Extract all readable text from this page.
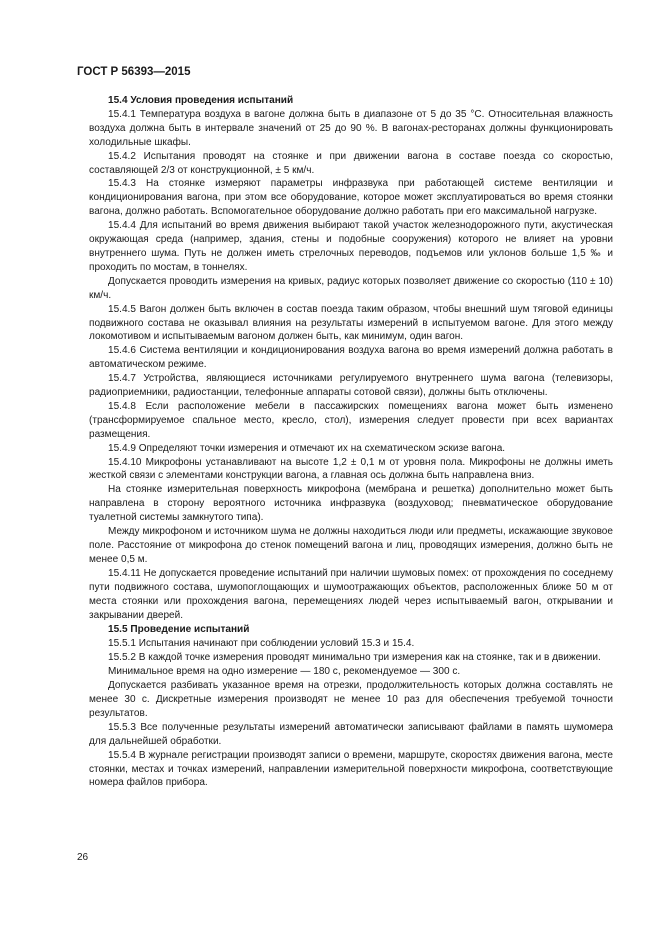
ГОСТ Р 56393—2015

15.4 Условия проведения испытаний

15.4.1 Температура воздуха в вагоне должна быть в диапазоне от 5 до 35 °С. Относительная влажность воздуха должна быть в интервале значений от 25 до 90 %. В вагонах-ресторанах должны функционировать холодильные шкафы.

15.4.2 Испытания проводят на стоянке и при движении вагона в составе поезда со скоростью, составляющей 2/3 от конструкционной, ± 5 км/ч.

15.4.3 На стоянке измеряют параметры инфразвука при работающей системе вентиляции и кондиционирования вагона, при этом все оборудование, которое может эксплуатироваться во время стоянки вагона, должно работать. Вспомогательное оборудование должно работать при его максимальной нагрузке.

15.4.4 Для испытаний во время движения выбирают такой участок железнодорожного пути, акустическая окружающая среда (например, здания, стены и подобные сооружения) которого не влияет на уровни внутреннего шума. Путь не должен иметь стрелочных переводов, подъемов или уклонов больше 1,5 ‰ и проходить по мостам, в тоннелях.

Допускается проводить измерения на кривых, радиус которых позволяет движение со скоростью (110 ± 10) км/ч.

15.4.5 Вагон должен быть включен в состав поезда таким образом, чтобы внешний шум тяговой единицы подвижного состава не оказывал влияния на результаты измерений в испытуемом вагоне. Для этого между локомотивом и испытываемым вагоном должен быть, как минимум, один вагон.

15.4.6 Система вентиляции и кондиционирования воздуха вагона во время измерений должна работать в автоматическом режиме.

15.4.7 Устройства, являющиеся источниками регулируемого внутреннего шума вагона (телевизоры, радиоприемники, радиостанции, телефонные аппараты сотовой связи), должны быть отключены.

15.4.8 Если расположение мебели в пассажирских помещениях вагона может быть изменено (трансформируемое спальное место, кресло, стол), измерения следует провести при всех вариантах размещения.

15.4.9 Определяют точки измерения и отмечают их на схематическом эскизе вагона.

15.4.10 Микрофоны устанавливают на высоте 1,2 ± 0,1 м от уровня пола. Микрофоны не должны иметь жесткой связи с элементами конструкции вагона, а главная ось должна быть направлена вниз.

На стоянке измерительная поверхность микрофона (мембрана и решетка) дополнительно может быть направлена в сторону вероятного источника инфразвука (воздуховод; пневматическое оборудование туалетной системы замкнутого типа).

Между микрофоном и источником шума не должны находиться люди или предметы, искажающие звуковое поле. Расстояние от микрофона до стенок помещений вагона и лиц, проводящих измерения, должно быть не менее 0,5 м.

15.4.11 Не допускается проведение испытаний при наличии шумовых помех: от прохождения по соседнему пути подвижного состава, шумопоглощающих и шумоотражающих объектов, расположенных ближе 50 м от места стоянки или прохождения вагона, перемещениях людей через испытываемый вагон, открывании и закрывании дверей.

15.5 Проведение испытаний

15.5.1 Испытания начинают при соблюдении условий 15.3 и 15.4.

15.5.2 В каждой точке измерения проводят минимально три измерения как на стоянке, так и в движении.

Минимальное время на одно измерение — 180 с, рекомендуемое — 300 с.

Допускается разбивать указанное время на отрезки, продолжительность которых должна составлять не менее 30 с. Дискретные измерения производят не менее 10 раз для обеспечения требуемой точности результатов.

15.5.3 Все полученные результаты измерений автоматически записывают файлами в память шумомера для дальнейшей обработки.

15.5.4 В журнале регистрации производят записи о времени, маршруте, скоростях движения вагона, месте стоянки, местах и точках измерений, направлении измерительной поверхности микрофона, соответствующие номера файлов прибора.

26
